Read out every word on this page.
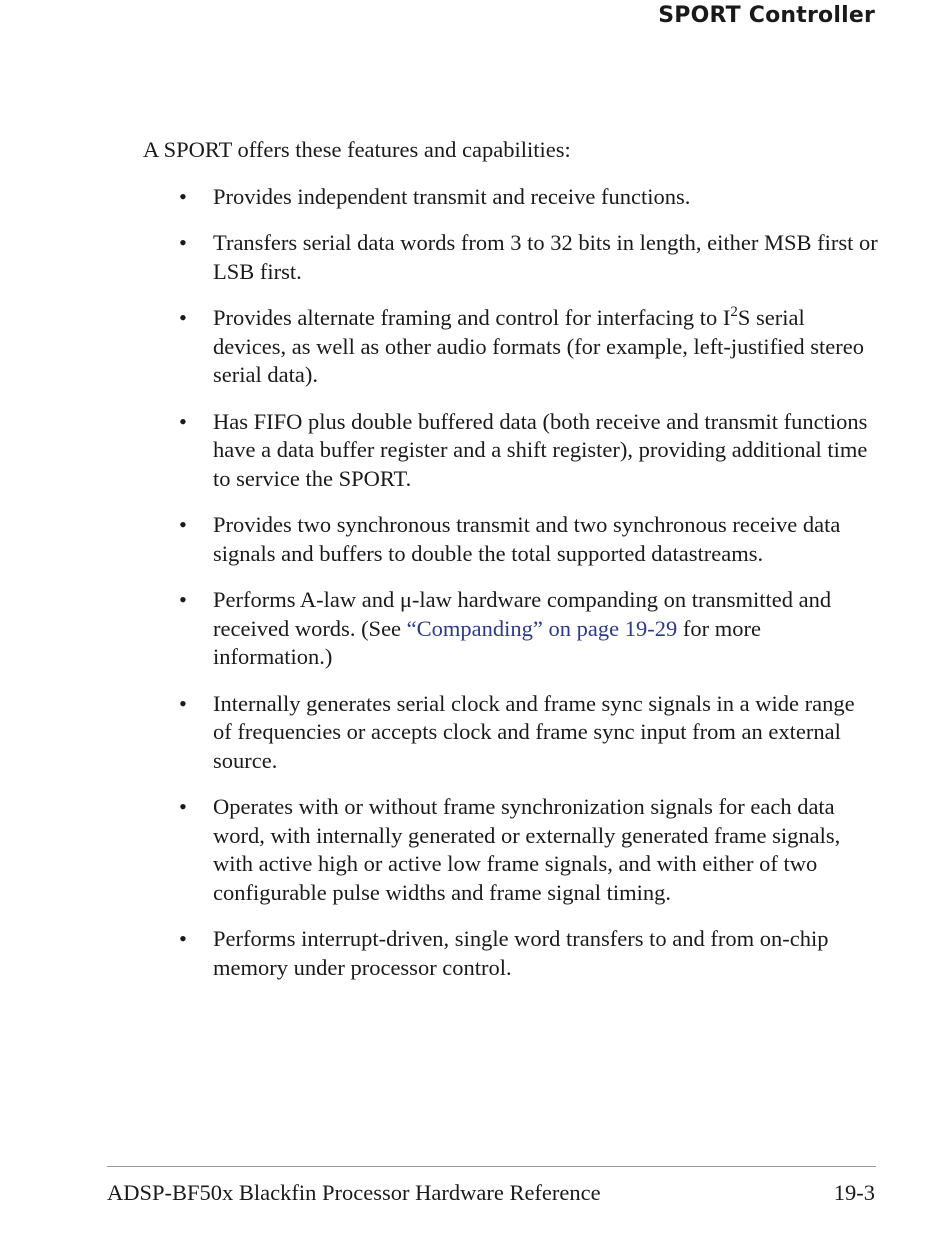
SPORT Controller

A SPORT offers these features and capabilities:

• Provides independent transmit and receive functions.
• Transfers serial data words from 3 to 32 bits in length, either MSB first or LSB first.
• Provides alternate framing and control for interfacing to $I^2S$ serial devices, as well as other audio formats (for example, left-justified stereo serial data).
• Has FIFO plus double buffered data (both receive and transmit functions have a data buffer register and a shift register), providing additional time to service the SPORT.
• Provides two synchronous transmit and two synchronous receive data signals and buffers to double the total supported datastreams.
• Performs A-law and μ-law hardware companding on transmitted and received words. (See “Companding” on page 19-29 for more information.)
• Internally generates serial clock and frame sync signals in a wide range of frequencies or accepts clock and frame sync input from an external source.
• Operates with or without frame synchronization signals for each data word, with internally generated or externally generated frame signals, with active high or active low frame signals, and with either of two configurable pulse widths and frame signal timing.
• Performs interrupt-driven, single word transfers to and from on-chip memory under processor control.
ADSP-BF50x Blackfin Processor Hardware Reference	19-3
